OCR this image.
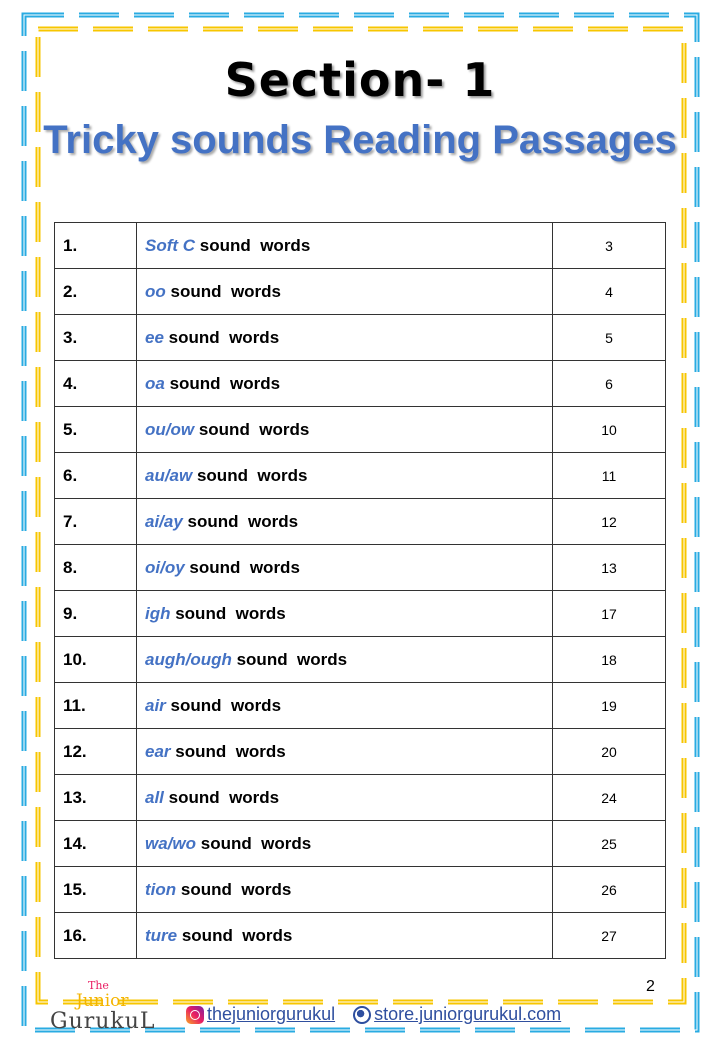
Section- 1
Tricky sounds Reading Passages
1.	Soft C sound  words	3
2.	oo sound  words	4
3.	ee sound  words	5
4.	oa sound  words	6
5.	ou/ow sound  words	10
6.	au/aw sound  words	11
7.	ai/ay sound  words	12
8.	oi/oy sound  words	13
9.	igh sound  words	17
10.	augh/ough sound  words	18
11.	air sound  words	19
12.	ear sound  words	20
13.	all sound  words	24
14.	wa/wo sound  words	25
15.	tion sound  words	26
16.	ture sound  words	27
2
The
Junior
GurukuL	thejuniorgurukul	store.juniorgurukul.com
